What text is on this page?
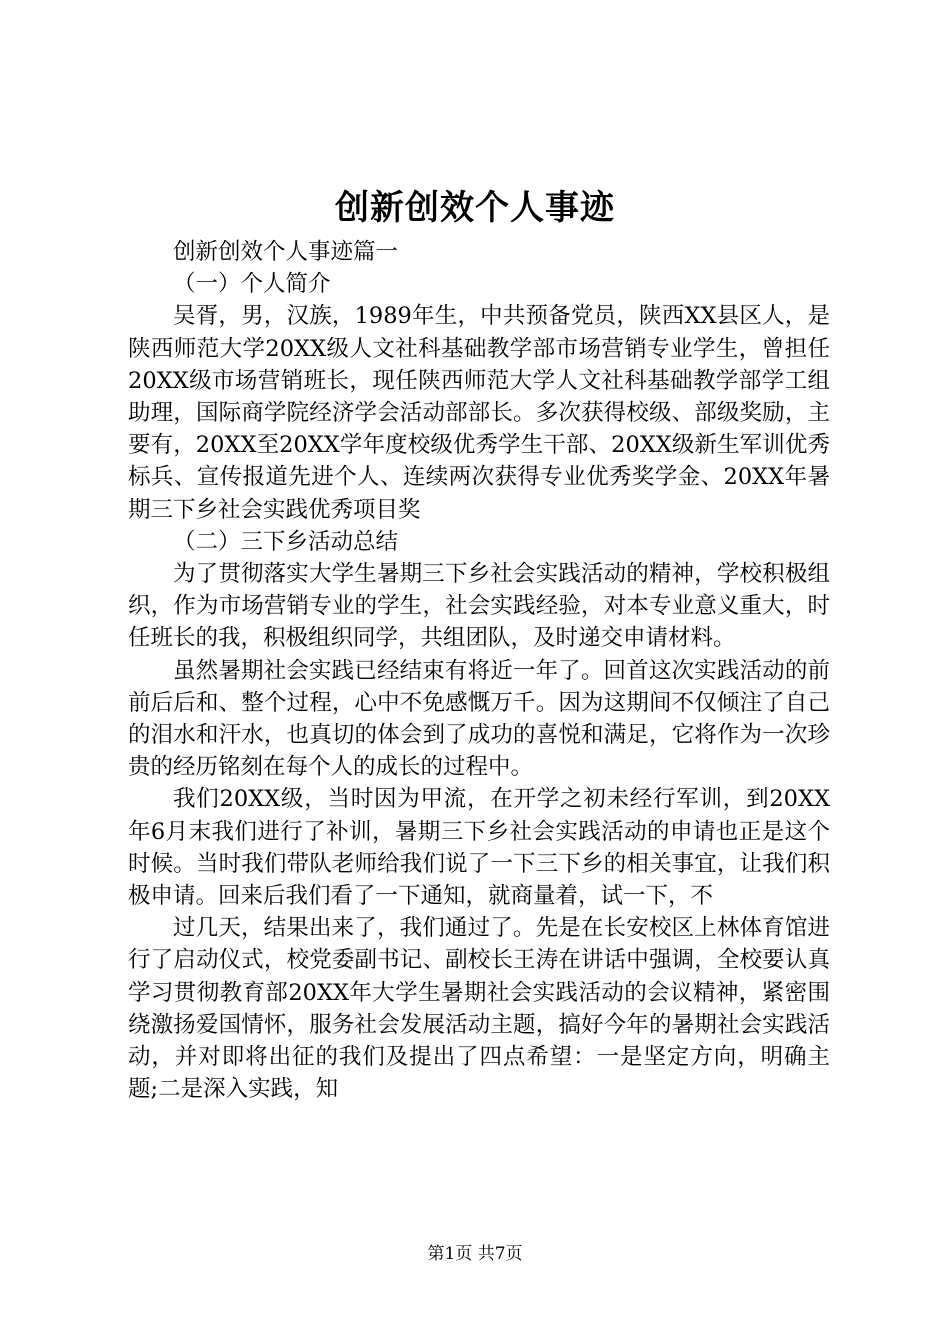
创新创效个人事迹

创新创效个人事迹篇一

（一）个人简介

吴胥，男，汉族，1989年生，中共预备党员，陕西XX县区人，是陕西师范大学20XX级人文社科基础教学部市场营销专业学生，曾担任20XX级市场营销班长，现任陕西师范大学人文社科基础教学部学工组助理，国际商学院经济学会活动部部长。多次获得校级、部级奖励，主要有，20XX至20XX学年度校级优秀学生干部、20XX级新生军训优秀标兵、宣传报道先进个人、连续两次获得专业优秀奖学金、20XX年暑期三下乡社会实践优秀项目奖

（二）三下乡活动总结

为了贯彻落实大学生暑期三下乡社会实践活动的精神，学校积极组织，作为市场营销专业的学生，社会实践经验，对本专业意义重大，时任班长的我，积极组织同学，共组团队，及时递交申请材料。

虽然暑期社会实践已经结束有将近一年了。回首这次实践活动的前前后后和、整个过程，心中不免感慨万千。因为这期间不仅倾注了自己的泪水和汗水，也真切的体会到了成功的喜悦和满足，它将作为一次珍贵的经历铭刻在每个人的成长的过程中。

我们20XX级，当时因为甲流，在开学之初未经行军训，到20XX年6月末我们进行了补训，暑期三下乡社会实践活动的申请也正是这个时候。当时我们带队老师给我们说了一下三下乡的相关事宜，让我们积极申请。回来后我们看了一下通知，就商量着，试一下，不

过几天，结果出来了，我们通过了。先是在长安校区上林体育馆进行了启动仪式，校党委副书记、副校长王涛在讲话中强调，全校要认真学习贯彻教育部20XX年大学生暑期社会实践活动的会议精神，紧密围绕激扬爱国情怀，服务社会发展活动主题，搞好今年的暑期社会实践活动，并对即将出征的我们及提出了四点希望：一是坚定方向，明确主题;二是深入实践，知

第1页 共7页
